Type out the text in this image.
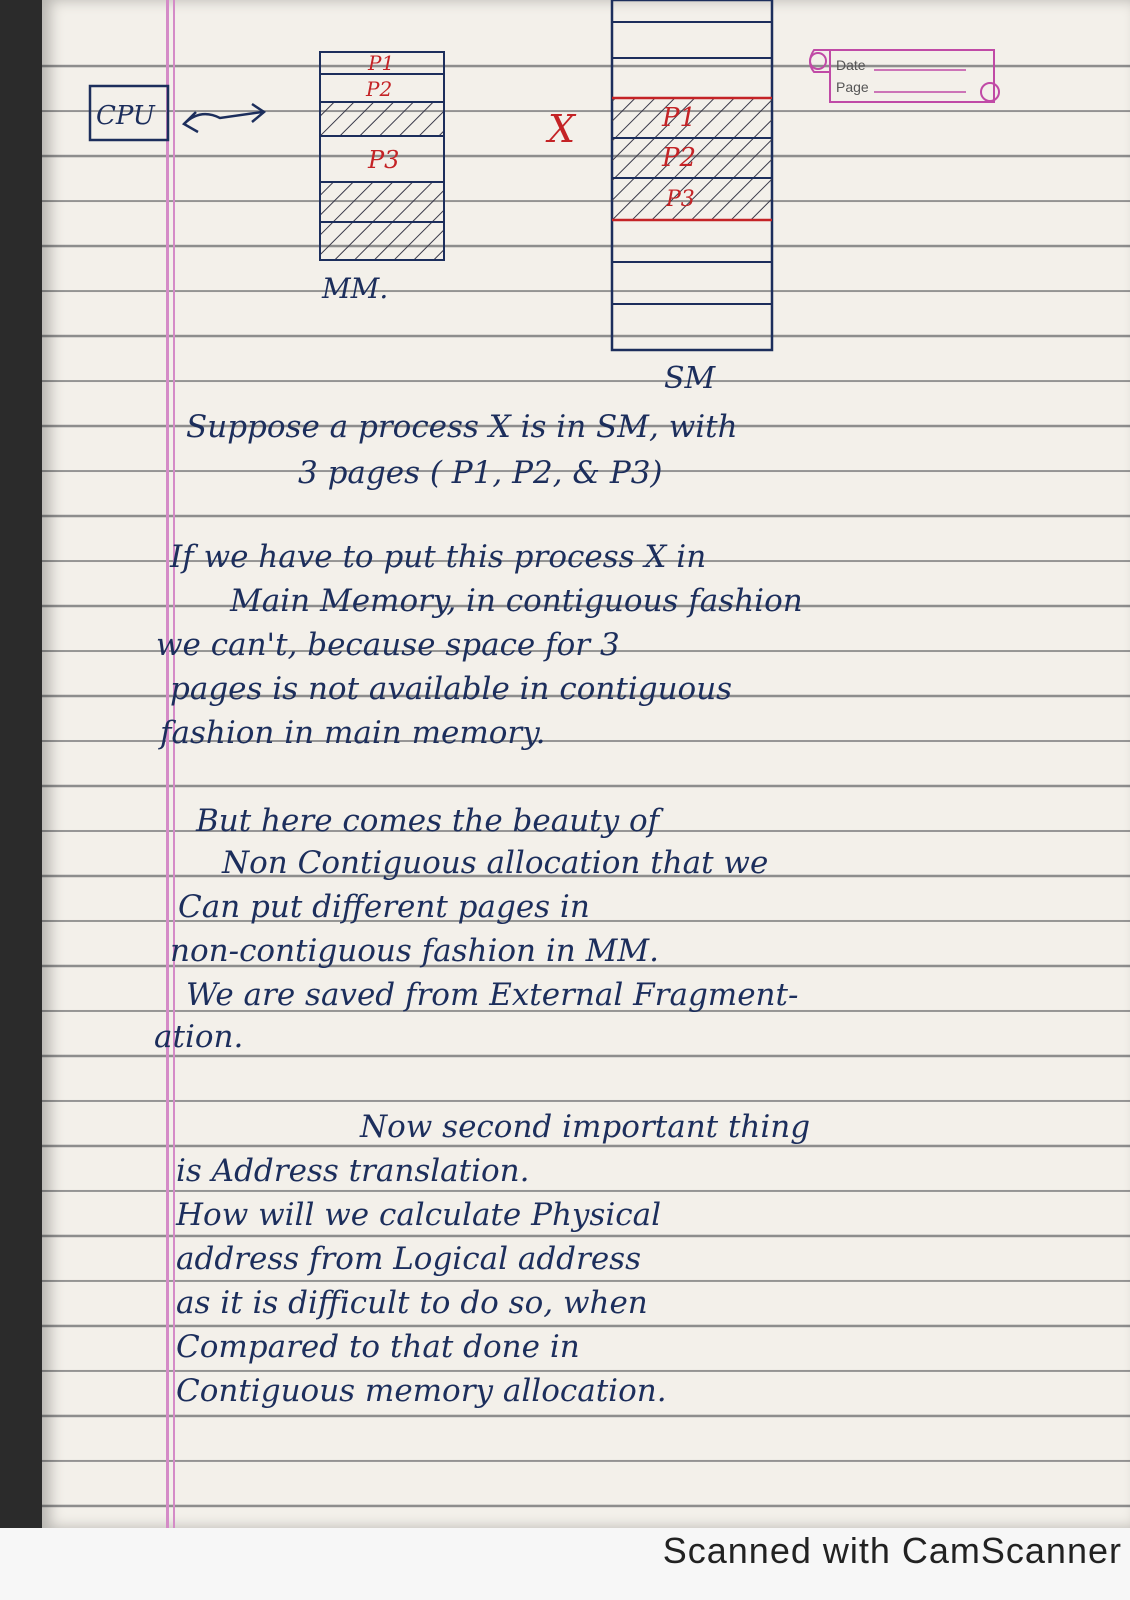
CPU
P1
P2
P3
MM.
X	P1
P2
P3
SM
Date
Page

Suppose a process X is in SM, with

3 pages ( P1, P2, & P3)

If we have to put this process X in

Main Memory, in contiguous fashion

we can't, because space for 3

pages is not available in contiguous

fashion in main memory.

But here comes the beauty of

Non Contiguous allocation that we

Can put different pages in

non-contiguous fashion in MM.

We are saved from External Fragment-

ation.

Now second important thing

is Address translation.

How will we calculate Physical

address from Logical address

as it is difficult to do so, when

Compared to that done in

Contiguous memory allocation.

Scanned with CamScanner
